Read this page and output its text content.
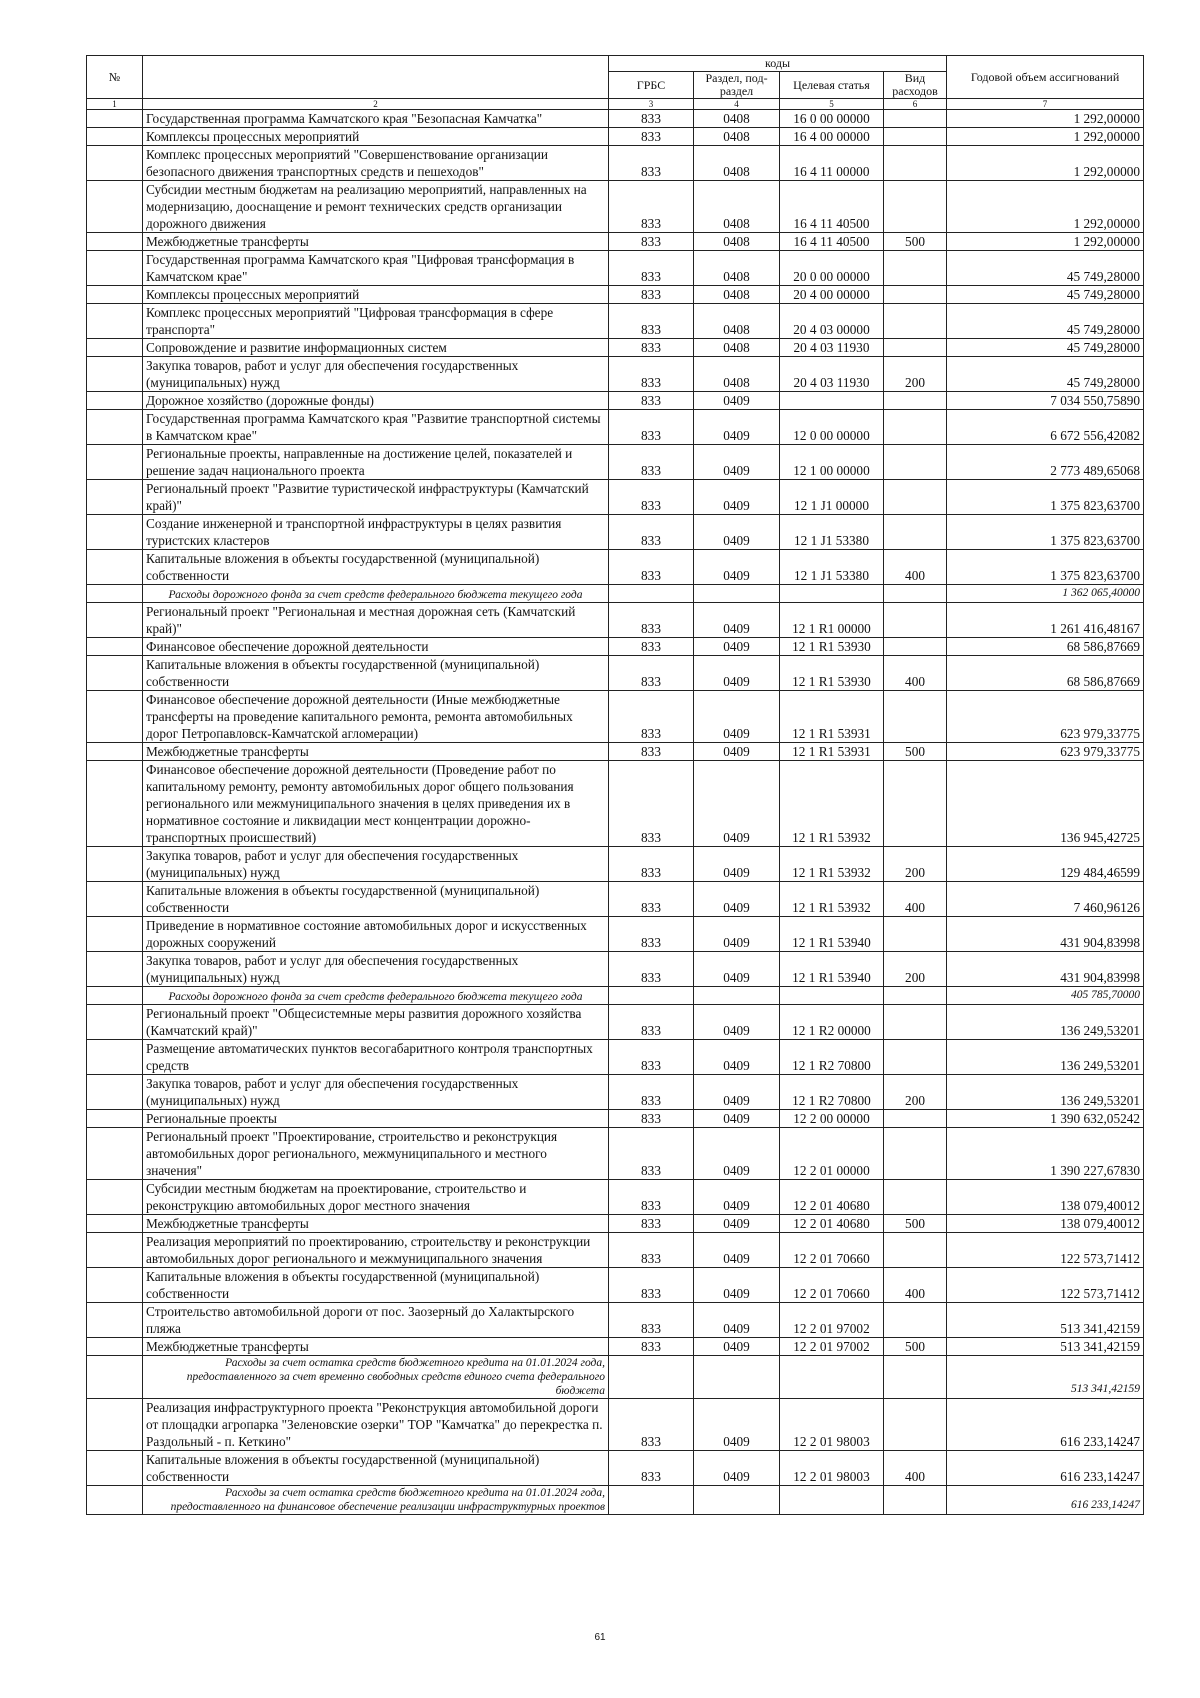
№		коды				Годовой объем ассигнований
		ГРБС	Раздел, под-раздел	Целевая статья	Вид расходов	
1	2	3	4	5	6	7
	Государственная программа Камчатского края "Безопасная Камчатка"	833	0408	16 0 00 00000		1 292,00000
	Комплексы процессных мероприятий	833	0408	16 4 00 00000		1 292,00000
	Комплекс процессных мероприятий "Совершенствование организации безопасного движения транспортных средств и пешеходов"	833	0408	16 4 11 00000		1 292,00000
	Субсидии местным бюджетам на реализацию мероприятий, направленных на модернизацию, дооснащение и ремонт технических средств организации дорожного движения	833	0408	16 4 11 40500		1 292,00000
	Межбюджетные трансферты	833	0408	16 4 11 40500	500	1 292,00000
	Государственная программа Камчатского края "Цифровая трансформация в Камчатском крае"	833	0408	20 0 00 00000		45 749,28000
	Комплексы процессных мероприятий	833	0408	20 4 00 00000		45 749,28000
	Комплекс процессных мероприятий "Цифровая трансформация в сфере транспорта"	833	0408	20 4 03 00000		45 749,28000
	Сопровождение и развитие информационных систем	833	0408	20 4 03 11930		45 749,28000
	Закупка товаров, работ и услуг для обеспечения государственных (муниципальных) нужд	833	0408	20 4 03 11930	200	45 749,28000
	Дорожное хозяйство (дорожные фонды)	833	0409			7 034 550,75890
	Государственная программа Камчатского края "Развитие транспортной системы в Камчатском крае"	833	0409	12 0 00 00000		6 672 556,42082
	Региональные проекты, направленные на достижение целей, показателей и решение задач национального проекта	833	0409	12 1 00 00000		2 773 489,65068
	Региональный проект "Развитие туристической инфраструктуры (Камчатский край)"	833	0409	12 1 J1 00000		1 375 823,63700
	Создание инженерной и транспортной инфраструктуры в целях развития туристских кластеров	833	0409	12 1 J1 53380		1 375 823,63700
	Капитальные вложения в объекты государственной (муниципальной) собственности	833	0409	12 1 J1 53380	400	1 375 823,63700
	Расходы дорожного фонда за счет средств федерального бюджета текущего года					1 362 065,40000
	Региональный проект "Региональная и местная дорожная сеть (Камчатский край)"	833	0409	12 1 R1 00000		1 261 416,48167
	Финансовое обеспечение дорожной деятельности	833	0409	12 1 R1 53930		68 586,87669
	Капитальные вложения в объекты государственной (муниципальной) собственности	833	0409	12 1 R1 53930	400	68 586,87669
	Финансовое обеспечение дорожной деятельности (Иные межбюджетные трансферты на проведение капитального ремонта, ремонта автомобильных дорог Петропавловск-Камчатской агломерации)	833	0409	12 1 R1 53931		623 979,33775
	Межбюджетные трансферты	833	0409	12 1 R1 53931	500	623 979,33775
	Финансовое обеспечение дорожной деятельности (Проведение работ по капитальному ремонту, ремонту автомобильных дорог общего пользования регионального или межмуниципального значения в целях приведения их в нормативное состояние и ликвидации мест концентрации дорожно-транспортных происшествий)	833	0409	12 1 R1 53932		136 945,42725
	Закупка товаров, работ и услуг для обеспечения государственных (муниципальных) нужд	833	0409	12 1 R1 53932	200	129 484,46599
	Капитальные вложения в объекты государственной (муниципальной) собственности	833	0409	12 1 R1 53932	400	7 460,96126
	Приведение в нормативное состояние автомобильных дорог и искусственных дорожных сооружений	833	0409	12 1 R1 53940		431 904,83998
	Закупка товаров, работ и услуг для обеспечения государственных (муниципальных) нужд	833	0409	12 1 R1 53940	200	431 904,83998
	Расходы дорожного фонда за счет средств федерального бюджета текущего года					405 785,70000
	Региональный проект "Общесистемные меры развития дорожного хозяйства (Камчатский край)"	833	0409	12 1 R2 00000		136 249,53201
	Размещение автоматических пунктов весогабаритного контроля транспортных средств	833	0409	12 1 R2 70800		136 249,53201
	Закупка товаров, работ и услуг для обеспечения государственных (муниципальных) нужд	833	0409	12 1 R2 70800	200	136 249,53201
	Региональные проекты	833	0409	12 2 00 00000		1 390 632,05242
	Региональный проект "Проектирование, строительство и реконструкция автомобильных дорог регионального, межмуниципального и местного значения"	833	0409	12 2 01 00000		1 390 227,67830
	Субсидии местным бюджетам на проектирование, строительство и реконструкцию автомобильных дорог местного значения	833	0409	12 2 01 40680		138 079,40012
	Межбюджетные трансферты	833	0409	12 2 01 40680	500	138 079,40012
	Реализация мероприятий по проектированию, строительству и реконструкции автомобильных дорог регионального и межмуниципального значения	833	0409	12 2 01 70660		122 573,71412
	Капитальные вложения в объекты государственной (муниципальной) собственности	833	0409	12 2 01 70660	400	122 573,71412
	Строительство автомобильной дороги от пос. Заозерный до Халактырского пляжа	833	0409	12 2 01 97002		513 341,42159
	Межбюджетные трансферты	833	0409	12 2 01 97002	500	513 341,42159
	Расходы за счет остатка средств бюджетного кредита на 01.01.2024 года, предоставленного за счет временно свободных средств единого счета федерального бюджета					513 341,42159
	Реализация инфраструктурного проекта "Реконструкция автомобильной дороги от площадки агропарка "Зеленовские озерки" ТОР "Камчатка" до перекрестка п. Раздольный - п. Кеткино"	833	0409	12 2 01 98003		616 233,14247
	Капитальные вложения в объекты государственной (муниципальной) собственности	833	0409	12 2 01 98003	400	616 233,14247
	Расходы за счет остатка средств бюджетного кредита на 01.01.2024 года, предоставленного на финансовое обеспечение реализации инфраструктурных проектов					616 233,14247
61
